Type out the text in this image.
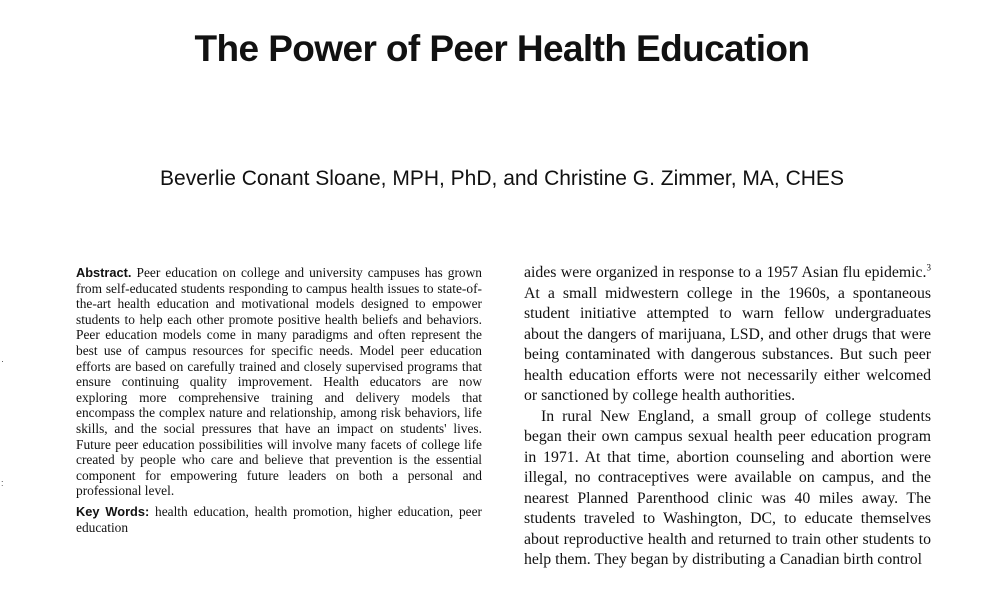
The Power of Peer Health Education
Beverlie Conant Sloane, MPH, PhD, and Christine G. Zimmer, MA, CHES

Abstract. Peer education on college and university campuses has grown from self-educated students responding to campus health issues to state-of-the-art health education and motivational models designed to empower students to help each other promote positive health beliefs and behaviors. Peer education models come in many paradigms and often represent the best use of campus resources for specific needs. Model peer education efforts are based on carefully trained and closely supervised programs that ensure continuing quality improvement. Health educators are now exploring more comprehensive training and delivery models that encompass the complex nature and relationship, among risk behaviors, life skills, and the social pressures that have an impact on students' lives. Future peer education possibilities will involve many facets of college life created by people who care and believe that prevention is the essential component for empowering future leaders on both a personal and professional level.

Key Words: health education, health promotion, higher education, peer education

aides were organized in response to a 1957 Asian flu epidemic.$^3$ At a small midwestern college in the 1960s, a spontaneous student initiative attempted to warn fellow undergraduates about the dangers of marijuana, LSD, and other drugs that were being contaminated with dangerous substances. But such peer health education efforts were not necessarily either welcomed or sanctioned by college health authorities.

In rural New England, a small group of college students began their own campus sexual health peer education program in 1971. At that time, abortion counseling and abortion were illegal, no contraceptives were available on campus, and the nearest Planned Parenthood clinic was 40 miles away. The students traveled to Washington, DC, to educate themselves about reproductive health and returned to train other students to help them. They began by distributing a Canadian birth control

·
:
